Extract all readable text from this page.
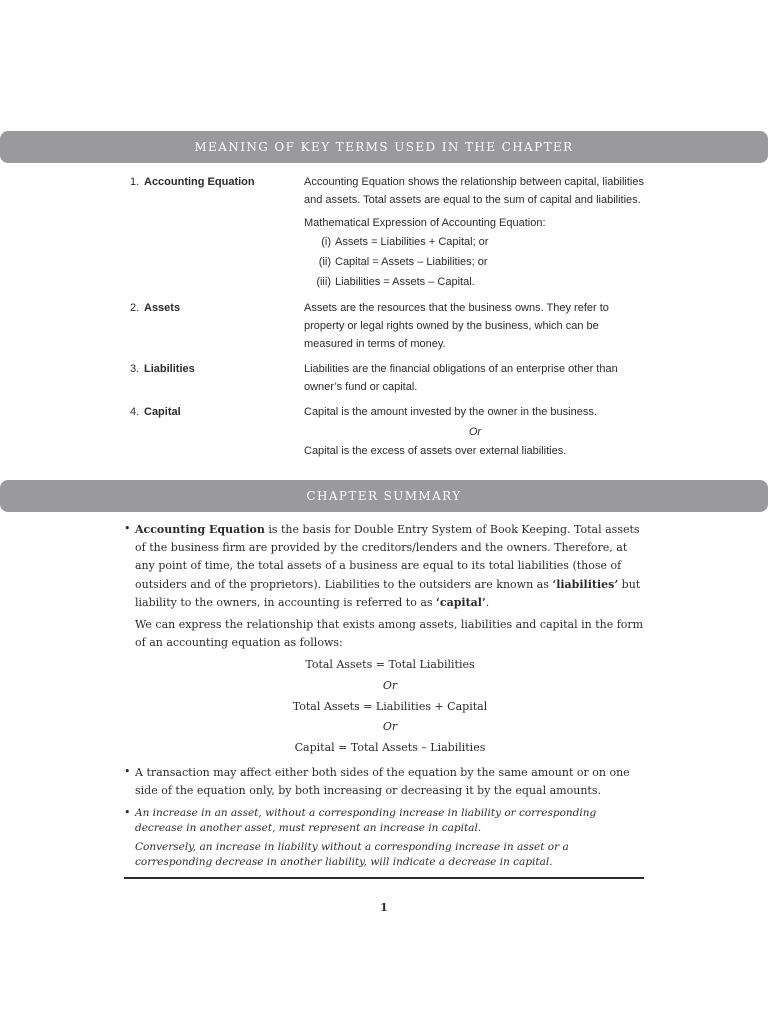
MEANING OF KEY TERMS USED IN THE CHAPTER
1. Accounting Equation	Accounting Equation shows the relationship between capital, liabilities and assets. Total assets are equal to the sum of capital and liabilities.

Mathematical Expression of Accounting Equation:

(i) Assets = Liabilities + Capital; or
(ii) Capital = Assets – Liabilities; or
(iii) Liabilities = Assets – Capital.
2. Assets	Assets are the resources that the business owns. They refer to property or legal rights owned by the business, which can be measured in terms of money.

3. Liabilities	Liabilities are the financial obligations of an enterprise other than owner’s fund or capital.

4. Capital	Capital is the amount invested by the owner in the business.

Or

Capital is the excess of assets over external liabilities.

CHAPTER SUMMARY
• Accounting Equation is the basis for Double Entry System of Book Keeping. Total assets of the business firm are provided by the creditors/lenders and the owners. Therefore, at any point of time, the total assets of a business are equal to its total liabilities (those of outsiders and of the proprietors). Liabilities to the outsiders are known as ‘liabilities’ but liability to the owners, in accounting is referred to as ‘capital’.

We can express the relationship that exists among assets, liabilities and capital in the form of an accounting equation as follows:

Total Assets = Total Liabilities
Or
Total Assets = Liabilities + Capital
Or
Capital = Total Assets – Liabilities
• A transaction may affect either both sides of the equation by the same amount or on one side of the equation only, by both increasing or decreasing it by the equal amounts.

• An increase in an asset, without a corresponding increase in liability or corresponding decrease in another asset, must represent an increase in capital.

Conversely, an increase in liability without a corresponding increase in asset or a corresponding decrease in another liability, will indicate a decrease in capital.

1
